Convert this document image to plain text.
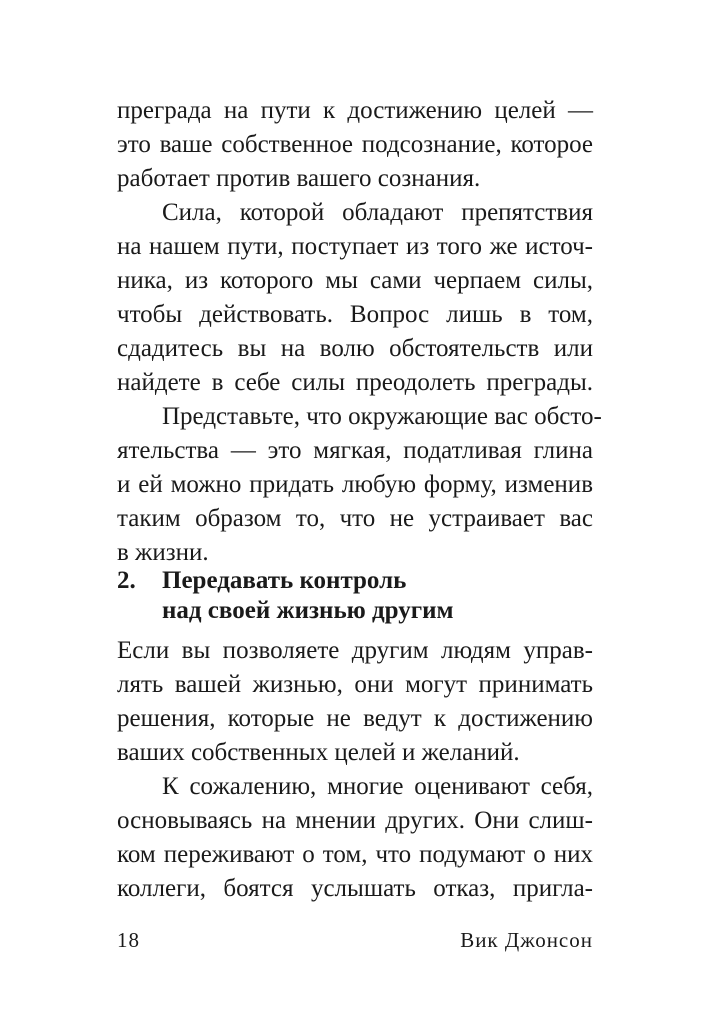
преграда на пути к достижению целей —
это ваше собственное подсознание, которое
работает против вашего сознания.
Сила, которой обладают препятствия
на нашем пути, поступает из того же источ-
ника, из которого мы сами черпаем силы,
чтобы действовать. Вопрос лишь в том,
сдадитесь вы на волю обстоятельств или
найдете в себе силы преодолеть преграды.
Представьте, что окружающие вас обсто-
ятельства — это мягкая, податливая глина
и ей можно придать любую форму, изменив
таким образом то, что не устраивает вас
в жизни.
2. Передавать контроль
над своей жизнью другим
Если вы позволяете другим людям управ-
лять вашей жизнью, они могут принимать
решения, которые не ведут к достижению
ваших собственных целей и желаний.
К сожалению, многие оценивают себя,
основываясь на мнении других. Они слиш-
ком переживают о том, что подумают о них
коллеги, боятся услышать отказ, пригла-
18	Вик Джонсон
